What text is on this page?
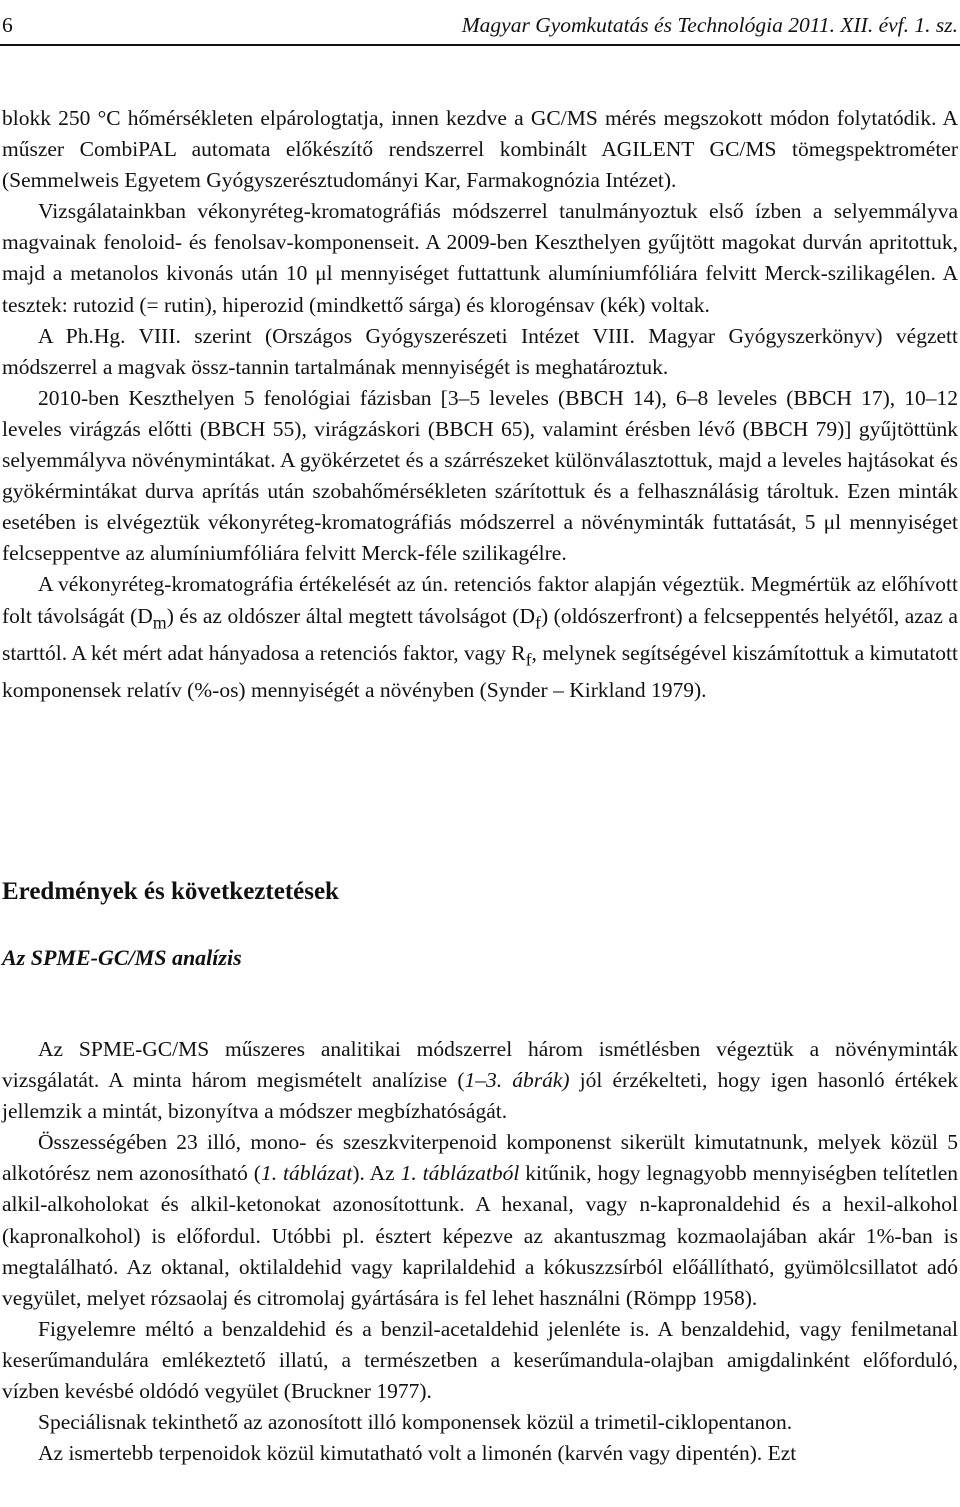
6	Magyar Gyomkutatás és Technológia 2011. XII. évf. 1. sz.

blokk 250 °C hőmérsékleten elpárologtatja, innen kezdve a GC/MS mérés megszokott módon folytatódik. A műszer CombiPAL automata előkészítő rendszerrel kombinált AGILENT GC/MS tömegspektrométer (Semmelweis Egyetem Gyógyszerésztudományi Kar, Farmakognózia Intézet).

Vizsgálatainkban vékonyréteg-kromatográfiás módszerrel tanulmányoztuk első ízben a selyemmályva magvainak fenoloid- és fenolsav-komponenseit. A 2009-ben Keszthelyen gyűjtött magokat durván apritottuk, majd a metanolos kivonás után 10 μl mennyiséget futtattunk alumíniumfóliára felvitt Merck-szilikagélen. A tesztek: rutozid (= rutin), hiperozid (mindkettő sárga) és klorogénsav (kék) voltak.

A Ph.Hg. VIII. szerint (Országos Gyógyszerészeti Intézet VIII. Magyar Gyógyszerkönyv) végzett módszerrel a magvak össz-tannin tartalmának mennyiségét is meghatároztuk.

2010-ben Keszthelyen 5 fenológiai fázisban [3–5 leveles (BBCH 14), 6–8 leveles (BBCH 17), 10–12 leveles virágzás előtti (BBCH 55), virágzáskori (BBCH 65), valamint érésben lévő (BBCH 79)] gyűjtöttünk selyemmályva növénymintákat. A gyökérzetet és a szárrészeket különválasztottuk, majd a leveles hajtásokat és gyökérmintákat durva aprítás után szobahőmérsékleten szárítottuk és a felhasználásig tároltuk. Ezen minták esetében is elvégeztük vékonyréteg-kromatográfiás módszerrel a növényminták futtatását, 5 μl mennyiséget felcseppentve az alumíniumfóliára felvitt Merck-féle szilikagélre.

A vékonyréteg-kromatográfia értékelését az ún. retenciós faktor alapján végeztük. Megmértük az előhívott folt távolságát $(D_m)$ és az oldószer által megtett távolságot $(D_f)$ (oldószerfront) a felcseppentés helyétől, azaz a starttól. A két mért adat hányadosa a retenciós faktor, vagy $R_f$, melynek segítségével kiszámítottuk a kimutatott komponensek relatív (%-os) mennyiségét a növényben (Synder – Kirkland 1979).

Eredmények és következtetések
Az SPME-GC/MS analízis

Az SPME-GC/MS műszeres analitikai módszerrel három ismétlésben végeztük a növényminták vizsgálatát. A minta három megismételt analízise (1–3. ábrák) jól érzékelteti, hogy igen hasonló értékek jellemzik a mintát, bizonyítva a módszer megbízhatóságát.

Összességében 23 illó, mono- és szeszkviterpenoid komponenst sikerült kimutatnunk, melyek közül 5 alkotórész nem azonosítható (1. táblázat). Az 1. táblázatból kitűnik, hogy legnagyobb mennyiségben telítetlen alkil-alkoholokat és alkil-ketonokat azonosítottunk. A hexanal, vagy n-kapronaldehid és a hexil-alkohol (kapronalkohol) is előfordul. Utóbbi pl. észtert képezve az akantuszmag kozmaolajában akár 1%-ban is megtalálható. Az oktanal, oktilaldehid vagy kaprilaldehid a kókuszzsírból előállítható, gyümölcsillatot adó vegyület, melyet rózsaolaj és citromolaj gyártására is fel lehet használni (Römpp 1958).

Figyelemre méltó a benzaldehid és a benzil-acetaldehid jelenléte is. A benzaldehid, vagy fenilmetanal keserűmandulára emlékeztető illatú, a természetben a keserűmandula-olajban amigdalinként előforduló, vízben kevésbé oldódó vegyület (Bruckner 1977).

Speciálisnak tekinthető az azonosított illó komponensek közül a trimetil-ciklopentanon.

Az ismertebb terpenoidok közül kimutatható volt a limonén (karvén vagy dipentén). Ezt
